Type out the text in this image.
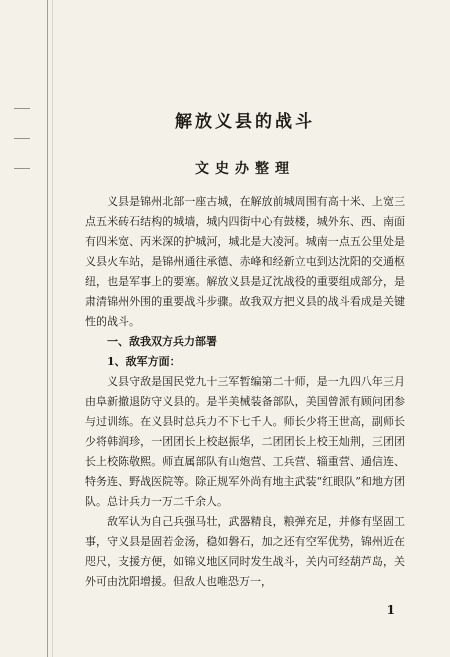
解放义县的战斗
文史办整理

义县是锦州北部一座古城，在解放前城周围有高十米、上宽三点五米砖石结构的城墙，城内四街中心有鼓楼，城外东、西、南面有四米宽、丙米深的护城河，城北是大凌河。城南一点五公里处是义县火车站，是锦州通往承德、赤峰和经新立屯到达沈阳的交通枢纽，也是军事上的要塞。解放义县是辽沈战役的重要组成部分，是肃清锦州外围的重要战斗步骤。故我双方把义县的战斗看成是关键性的战斗。

一、敌我双方兵力部署

1、敌军方面：

义县守敌是国民党九十三军暂编第二十师，是一九四八年三月由阜新撤退防守义县的。是半美械装备部队，美国曾派有顾问团参与过训练。在义县时总兵力不下七千人。师长少将王世高，副师长少将韩润珍，一团团长上校赵振华，二团团长上校王灿荆，三团团长上校陈敬熙。师直属部队有山炮营、工兵营、辎重营、通信连、特务连、野战医院等。除正规军外尚有地主武装“红眼队”和地方团队。总计兵力一万二千余人。

敌军认为自己兵强马壮，武器精良，粮弹充足，并修有坚固工事，守义县是固若金汤，稳如磐石，加之还有空军优势，锦州近在咫尺，支援方便，如锦义地区同时发生战斗，关内可经葫芦岛，关外可由沈阳增援。但敌人也唯恐万一，

1
